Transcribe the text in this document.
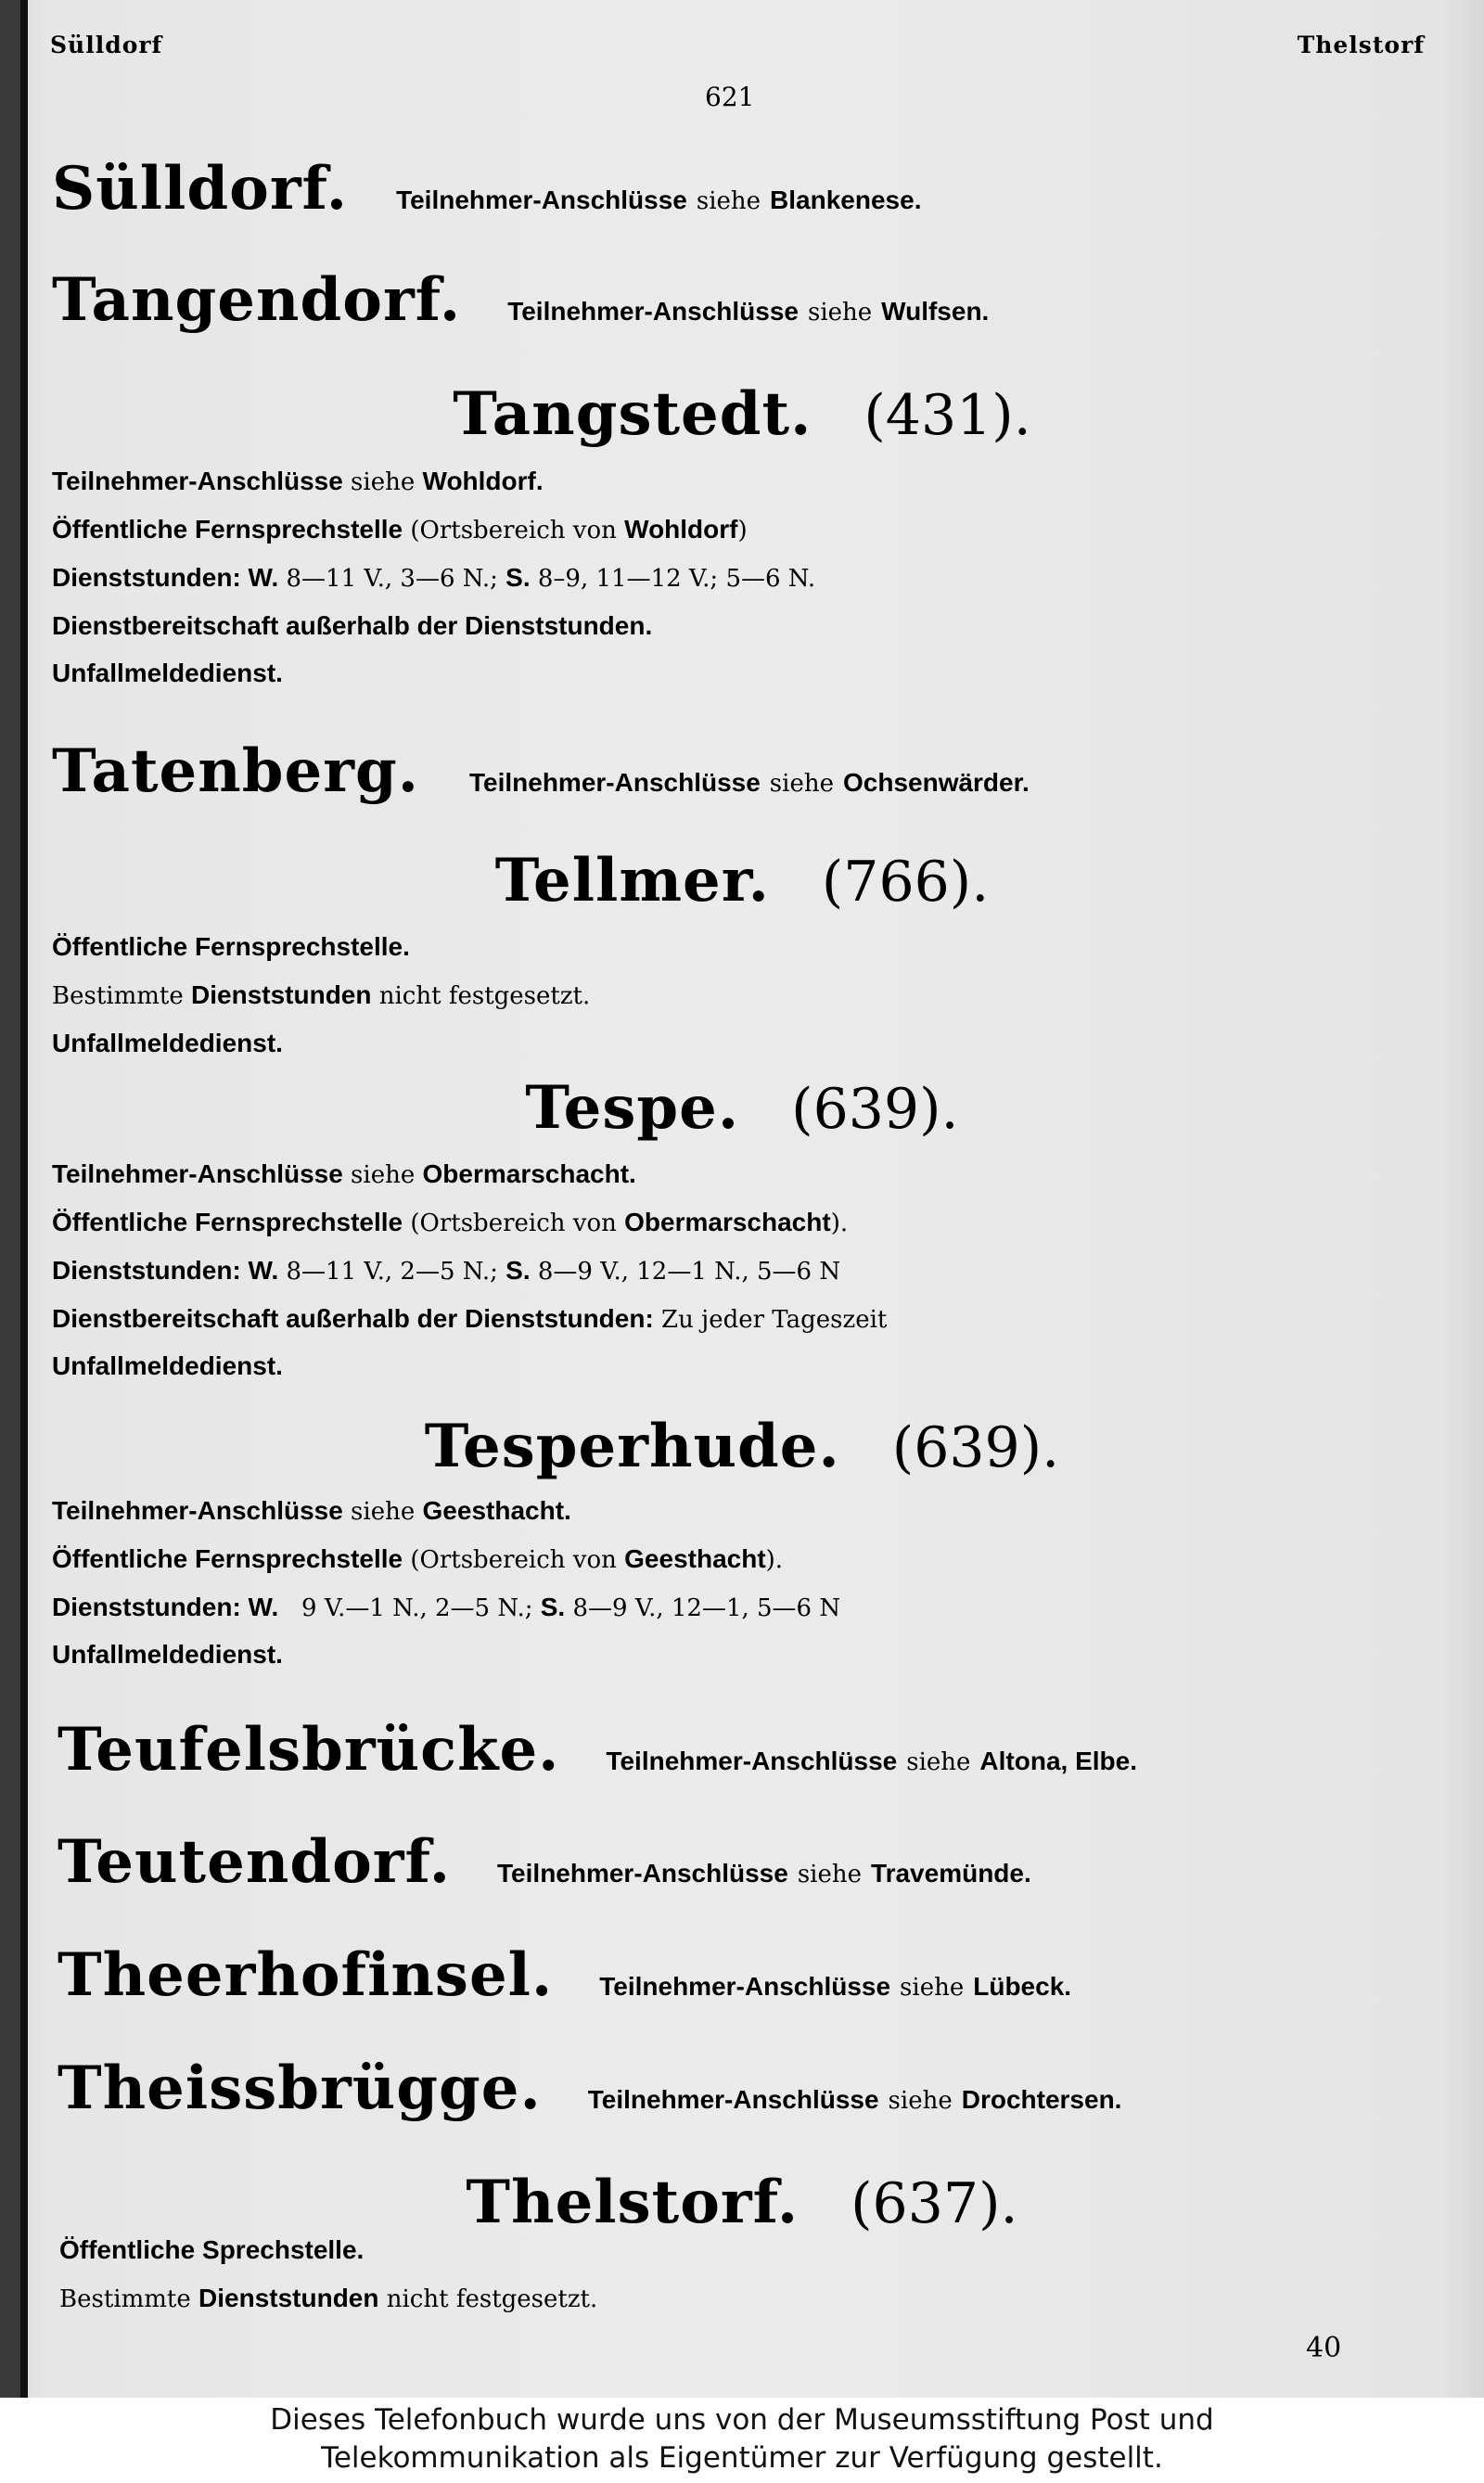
Sülldorf	Thelstorf
621
Sülldorf. Teilnehmer-Anschlüsse siehe Blankenese.
Tangendorf. Teilnehmer-Anschlüsse siehe Wulfsen.
Tangstedt. (431).
Teilnehmer-Anschlüsse siehe Wohldorf.
Öffentliche Fernsprechstelle (Ortsbereich von Wohldorf)
Dienststunden: W. 8—11 V., 3—6 N.; S. 8–9, 11—12 V.; 5—6 N.
Dienstbereitschaft außerhalb der Dienststunden.
Unfallmeldedienst.
Tatenberg. Teilnehmer-Anschlüsse siehe Ochsenwärder.
Tellmer. (766).
Öffentliche Fernsprechstelle.
Bestimmte Dienststunden nicht festgesetzt.
Unfallmeldedienst.
Tespe. (639).
Teilnehmer-Anschlüsse siehe Obermarschacht.
Öffentliche Fernsprechstelle (Ortsbereich von Obermarschacht).
Dienststunden: W. 8—11 V., 2—5 N.; S. 8—9 V., 12—1 N., 5—6 N
Dienstbereitschaft außerhalb der Dienststunden: Zu jeder Tageszeit
Unfallmeldedienst.
Tesperhude. (639).
Teilnehmer-Anschlüsse siehe Geesthacht.
Öffentliche Fernsprechstelle (Ortsbereich von Geesthacht).
Dienststunden: W.   9 V.—1 N., 2—5 N.; S. 8—9 V., 12—1, 5—6 N
Unfallmeldedienst.
Teufelsbrücke. Teilnehmer-Anschlüsse siehe Altona, Elbe.
Teutendorf. Teilnehmer-Anschlüsse siehe Travemünde.
Theerhofinsel. Teilnehmer-Anschlüsse siehe Lübeck.
Theissbrügge. Teilnehmer-Anschlüsse siehe Drochtersen.
Thelstorf. (637).
Öffentliche Sprechstelle.
Bestimmte Dienststunden nicht festgesetzt.
40
Dieses Telefonbuch wurde uns von der Museumsstiftung Post und
Telekommunikation als Eigentümer zur Verfügung gestellt.
